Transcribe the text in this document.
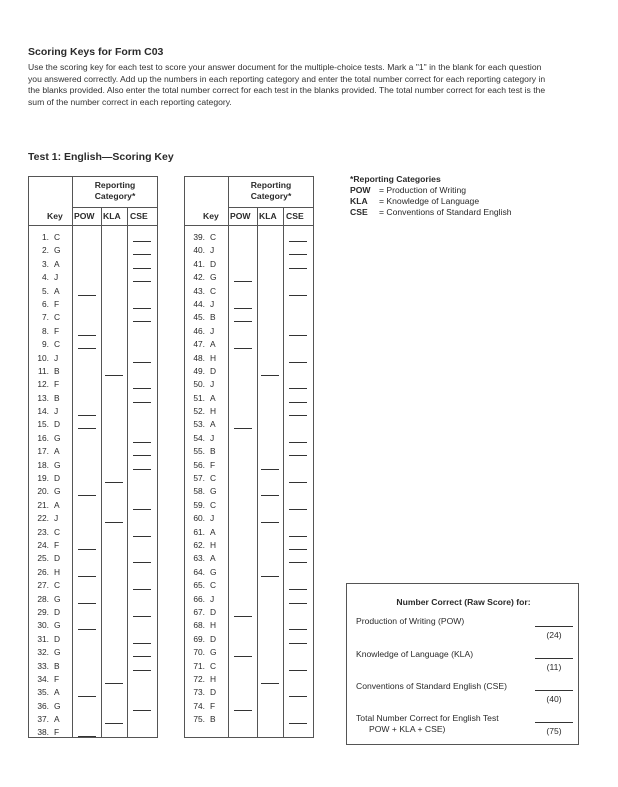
Scoring Keys for Form C03

Use the scoring key for each test to score your answer document for the multiple-choice tests. Mark a "1" in the blank for each question you answered correctly. Add up the numbers in each reporting category and enter the total number correct for each reporting category in the blanks provided. Also enter the total number correct for each test in the blanks provided. The total number correct for each test is the sum of the number correct in each reporting category.

Test 1: English—Scoring Key
Reporting
Category*
Key POW KLA CSE
1. C
2. G
3. A
4. J
5. A
6. F
7. C
8. F
9. C
10. J
11. B
12. F
13. B
14. J
15. D
16. G
17. A
18. G
19. D
20. G
21. A
22. J
23. C
24. F
25. D
26. H
27. C
28. G
29. D
30. G
31. D
32. G
33. B
34. F
35. A
36. G
37. A
38. F
Reporting
Category*
Key POW KLA CSE
39. C
40. J
41. D
42. G
43. C
44. J
45. B
46. J
47. A
48. H
49. D
50. J
51. A
52. H
53. A
54. J
55. B
56. F
57. C
58. G
59. C
60. J
61. A
62. H
63. A
64. G
65. C
66. J
67. D
68. H
69. D
70. G
71. C
72. H
73. D
74. F
75. B
*Reporting Categories
POW = Production of Writing
KLA = Knowledge of Language
CSE = Conventions of Standard English
Number Correct (Raw Score) for:
Production of Writing (POW)
(24)
Knowledge of Language (KLA)
(11)
Conventions of Standard English (CSE)
(40)
Total Number Correct for English Test
POW + KLA + CSE)	(75)
